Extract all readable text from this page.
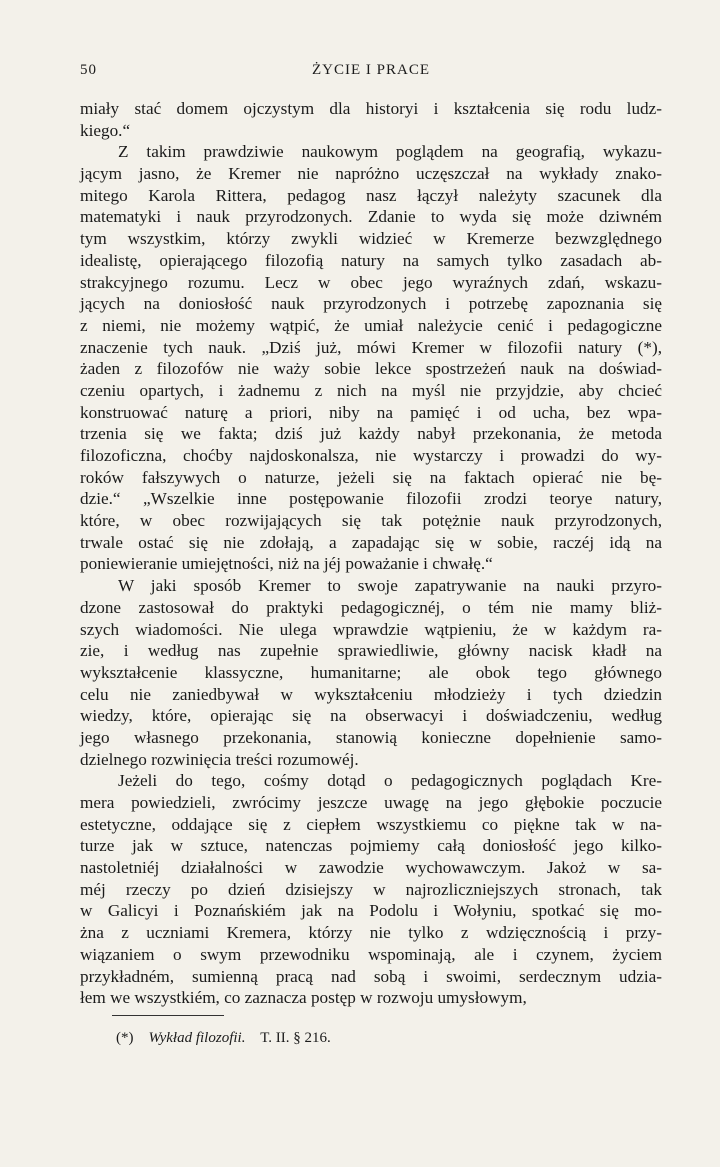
50	ŻYCIE I PRACE
miały stać domem ojczystym dla historyi i kształcenia się rodu ludz-
kiego.“
Z takim prawdziwie naukowym poglądem na geografią, wykazu-
jącym jasno, że Kremer nie napróżno uczęszczał na wykłady znako-
mitego Karola Rittera, pedagog nasz łączył należyty szacunek dla
matematyki i nauk przyrodzonych. Zdanie to wyda się może dziwném
tym wszystkim, którzy zwykli widzieć w Kremerze bezwzględnego
idealistę, opierającego filozofią natury na samych tylko zasadach ab-
strakcyjnego rozumu. Lecz w obec jego wyraźnych zdań, wskazu-
jących na doniosłość nauk przyrodzonych i potrzebę zapoznania się
z niemi, nie możemy wątpić, że umiał należycie cenić i pedagogiczne
znaczenie tych nauk. „Dziś już, mówi Kremer w filozofii natury (*),
żaden z filozofów nie waży sobie lekce spostrzeżeń nauk na doświad-
czeniu opartych, i żadnemu z nich na myśl nie przyjdzie, aby chcieć
konstruować naturę a priori, niby na pamięć i od ucha, bez wpa-
trzenia się we fakta; dziś już każdy nabył przekonania, że metoda
filozoficzna, choćby najdoskonalsza, nie wystarczy i prowadzi do wy-
roków fałszywych o naturze, jeżeli się na faktach opierać nie bę-
dzie.“ „Wszelkie inne postępowanie filozofii zrodzi teorye natury,
które, w obec rozwijających się tak potężnie nauk przyrodzonych,
trwale ostać się nie zdołają, a zapadając się w sobie, raczéj idą na
poniewieranie umiejętności, niż na jéj poważanie i chwałę.“
W jaki sposób Kremer to swoje zapatrywanie na nauki przyro-
dzone zastosował do praktyki pedagogicznéj, o tém nie mamy bliż-
szych wiadomości. Nie ulega wprawdzie wątpieniu, że w każdym ra-
zie, i według nas zupełnie sprawiedliwie, główny nacisk kładł na
wykształcenie klassyczne, humanitarne; ale obok tego głównego
celu nie zaniedbywał w wykształceniu młodzieży i tych dziedzin
wiedzy, które, opierając się na obserwacyi i doświadczeniu, według
jego własnego przekonania, stanowią konieczne dopełnienie samo-
dzielnego rozwinięcia treści rozumowéj.
Jeżeli do tego, cośmy dotąd o pedagogicznych poglądach Kre-
mera powiedzieli, zwrócimy jeszcze uwagę na jego głębokie poczucie
estetyczne, oddające się z ciepłem wszystkiemu co piękne tak w na-
turze jak w sztuce, natenczas pojmiemy całą doniosłość jego kilko-
nastoletniéj działalności w zawodzie wychowawczym. Jakoż w sa-
méj rzeczy po dzień dzisiejszy w najrozliczniejszych stronach, tak
w Galicyi i Poznańskiém jak na Podolu i Wołyniu, spotkać się mo-
żna z uczniami Kremera, którzy nie tylko z wdzięcznością i przy-
wiązaniem o swym przewodniku wspominają, ale i czynem, życiem
przykładném, sumienną pracą nad sobą i swoimi, serdecznym udzia-
łem we wszystkiém, co zaznacza postęp w rozwoju umysłowym,
(*) Wykład filozofii. T. II. § 216.
